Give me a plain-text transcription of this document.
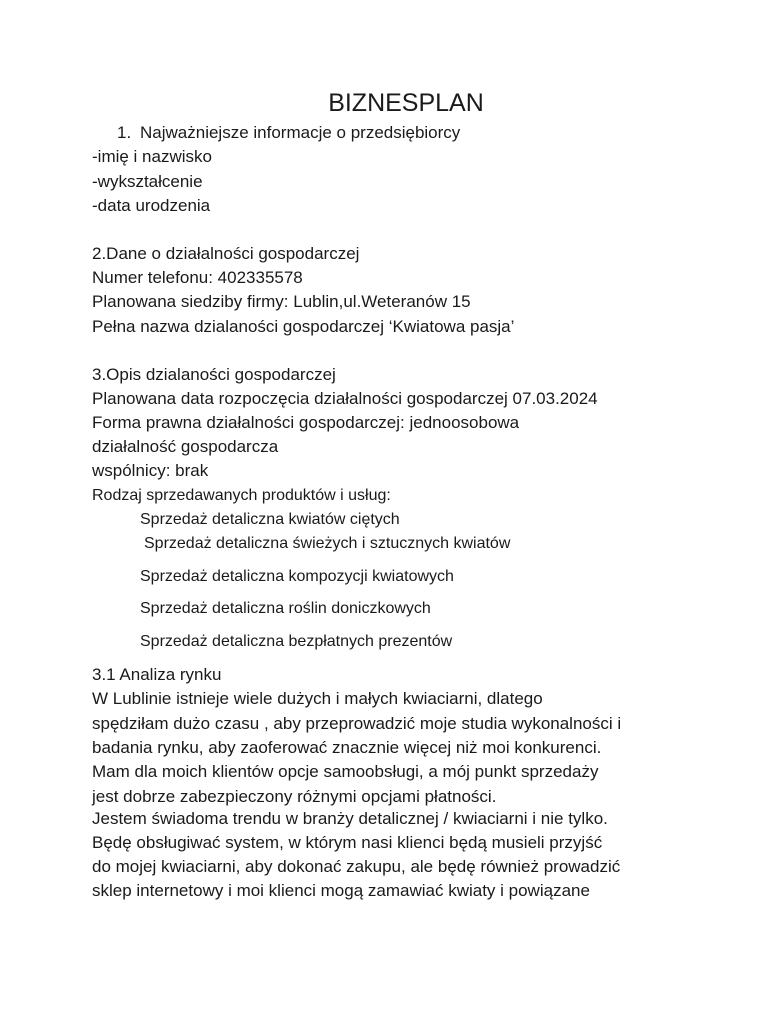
BIZNESPLAN
1. Najważniejsze informacje o przedsiębiorcy
-imię i nazwisko
-wykształcenie
-data urodzenia
2.Dane o działalności gospodarczej
Numer telefonu: 402335578
Planowana siedziby firmy: Lublin,ul.Weteranów 15
Pełna nazwa dzialaności gospodarczej ‘Kwiatowa pasja’
3.Opis dzialaności gospodarczej
Planowana data rozpoczęcia działalności gospodarczej 07.03.2024
Forma prawna działalności gospodarczej: jednoosobowa
działalność gospodarcza
wspólnicy: brak
Rodzaj sprzedawanych produktów i usług:
Sprzedaż detaliczna kwiatów ciętych
Sprzedaż detaliczna świeżych i sztucznych kwiatów
Sprzedaż detaliczna kompozycji kwiatowych
Sprzedaż detaliczna roślin doniczkowych
Sprzedaż detaliczna bezpłatnych prezentów
3.1 Analiza rynku
W Lublinie istnieje wiele dużych i małych kwiaciarni, dlatego
spędziłam dużo czasu , aby przeprowadzić moje studia wykonalności i
badania rynku, aby zaoferować znacznie więcej niż moi konkurenci.
Mam dla moich klientów opcje samoobsługi, a mój punkt sprzedaży
jest dobrze zabezpieczony różnymi opcjami płatności.
Jestem świadoma trendu w branży detalicznej / kwiaciarni i nie tylko.
Będę obsługiwać system, w którym nasi klienci będą musieli przyjść
do mojej kwiaciarni, aby dokonać zakupu, ale będę również prowadzić
sklep internetowy i moi klienci mogą zamawiać kwiaty i powiązane
